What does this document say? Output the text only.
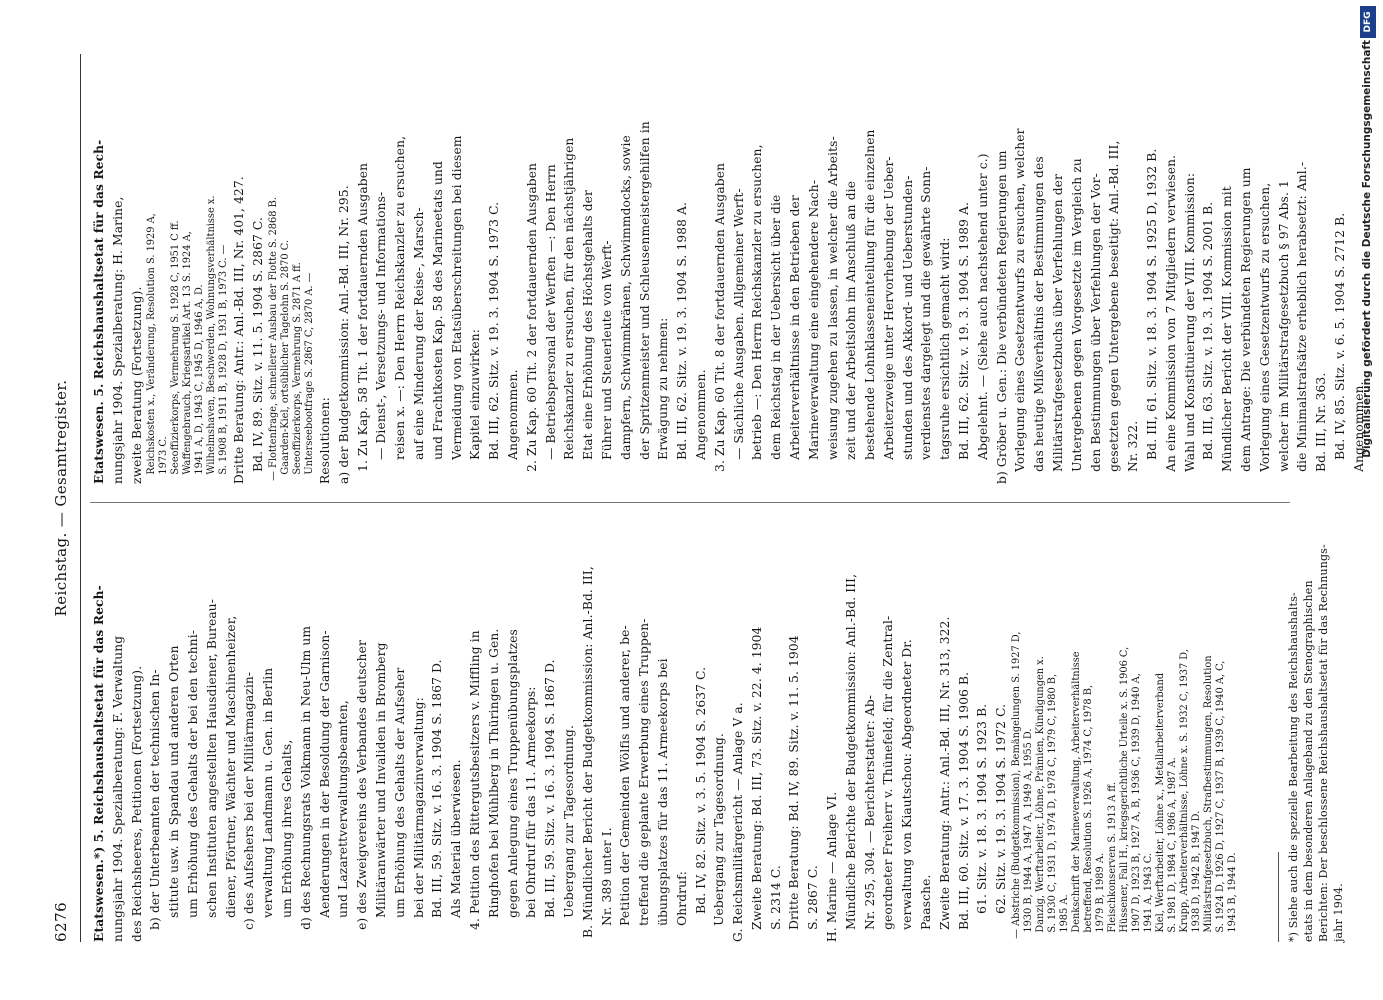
6276
Reichstag. — Gesamtregister.

Etatswesen.*) 5. Reichshaushaltsetat für das Rech- nungsjahr 1904. Spezialberatung: F. Verwaltung des Reichsheeres, Petitionen (Fortsetzung). b) der Unterbeamten der technischen In- stitute usw. in Spandau und anderen Orten um Erhöhung des Gehalts der bei den techni- schen Instituten angestellten Hausdiener, Bureau- diener, Pförtner, Wächter und Maschinenheizer, c) des Aufsehers bei der Militärmagazin- verwaltung Landmann u. Gen. in Berlin um Erhöhung ihres Gehalts, d) des Rechnungsrats Volkmann in Neu-Ulm um Aenderungen in der Besoldung der Garnison- und Lazarettverwaltungsbeamten, e) des Zweigvereins des Verbandes deutscher Militäranwärter und Invaliden in Bromberg um Erhöhung des Gehalts der Aufseher bei der Militärmagazinverwaltung: Bd. III, 59. Sitz. v. 16. 3. 1904 S. 1867 D. Als Material überwiesen. 4. Petition des Rittergutsbesitzers v. Miffling in Ringhofen bei Mühlberg in Thüringen u. Gen. gegen Anlegung eines Truppenübungsplatzes bei Ohrdruf für das 11. Armeekorps: Bd. III, 59. Sitz. v. 16. 3. 1904 S. 1867 D. Uebergang zur Tagesordnung. B. Mündlicher Bericht der Budgetkommission: Anl.-Bd. III, Nr. 389 unter I. Petition der Gemeinden Wölfis und anderer, be- treffend die geplante Erwerbung eines Truppen- übungsplatzes für das 11. Armeekorps bei Ohrdruf: Bd. IV, 82. Sitz. v. 3. 5. 1904 S. 2637 C. Uebergang zur Tagesordnung. G. Reichsmilitärgericht — Anlage V a. Zweite Beratung: Bd. III, 73. Sitz. v. 22. 4. 1904 S. 2314 C. Dritte Beratung: Bd. IV, 89. Sitz. v. 11. 5. 1904 S. 2867 C. H. Marine — Anlage VI. Mündliche Berichte der Budgetkommission: Anl.-Bd. III, Nr. 295, 304. — Berichterstatter: Ab- geordneter Freiherr v. Thünefeld; für die Zentral- verwaltung von Kiautschou: Abgeordneter Dr. Paasche. Zweite Beratung: Antr.: Anl.-Bd. III, Nr. 313, 322. Bd. III, 60. Sitz. v. 17. 3. 1904 S. 1906 B. 61. Sitz. v. 18. 3. 1904 S. 1923 B. 62. Sitz. v. 19. 3. 1904 S. 1972 C. — Abstriche (Budgetkommission), Bemängelungen S. 1927 D, 1930 B, 1944 A, 1947 A, 1949 A, 1955 D. Danzig, Werftarbeiter, Löhne, Prämien, Kündigungen x. S. 1930 C, 1931 D, 1974 D, 1978 C, 1979 C, 1980 B, 1985 A. Denkschrift der Marineverwaltung, Arbeiterverhältnisse betreffend, Resolution S. 1926 A, 1974 C, 1978 B, 1979 B, 1989 A. Fleischkonserven S. 1913 A ff. Hüssener, Fall H., kriegsgerichtliche Urteile x. S. 1906 C, 1907 D, 1923 B, 1927 A, B, 1936 C, 1939 D, 1940 A, 1941 A, 1943 C. Kiel, Werftarbeiter, Löhne x., Metallarbeiterverband S. 1981 D, 1984 C, 1986 A, 1987 A. Krupp, Arbeiterverhältnisse, Löhne x. S. 1932 C, 1937 D, 1938 D, 1942 B, 1947 D. Militärstrafgesetzbuch, Strafbestimmungen, Resolution S. 1924 D, 1926 D, 1927 C, 1937 B, 1939 C, 1940 A, C, 1943 B, 1944 D.

Etatswesen. 5. Reichshaushaltsetat für das Rech- nungsjahr 1904. Spezialberatung: H. Marine, zweite Beratung (Fortsetzung). Reichskosten x., Veränderung, Resolution S. 1929 A, 1973 C. Seeoffizierkorps, Vermehrung S. 1928 C, 1951 C ff. Waffengebrauch, Kriegsartikel Art. 13 S. 1924 A, 1941 A, D, 1943 C, 1945 D, 1946 A, D. Wilhelmshaven, Beschwerden, Wohnungsverhältnisse x. S. 1908 B, 1911 B, 1928 D, 1931 B, 1973 C. — Dritte Beratung: Antr.: Anl.-Bd. III, Nr. 401, 427. Bd. IV, 89. Sitz. v. 11. 5. 1904 S. 2867 C. — Flottenfrage, schnellerer Ausbau der Flotte S. 2868 B. Gaarden-Kiel, ortsüblicher Tagelohn S. 2870 C. Seeoffizierkorps, Vermehrung S. 2871 A ff. Unterseebootfrage S. 2867 C, 2870 A. — Resolutionen: a) der Budgetkommission: Anl.-Bd. III, Nr. 295. 1. Zu Kap. 58 Tit. 1 der fortdauernden Ausgaben — Dienst-, Versetzungs- und Informations- reisen x. —: Den Herrn Reichskanzler zu ersuchen, auf eine Minderung der Reise-, Marsch- und Frachtkosten Kap. 58 des Marineetats und Vermeidung von Etatsüberschreitungen bei diesem Kapitel einzuwirken: Bd. III, 62. Sitz. v. 19. 3. 1904 S. 1973 C. Angenommen. 2. Zu Kap. 60 Tit. 2 der fortdauernden Ausgaben — Betriebspersonal der Werften —: Den Herrn Reichskanzler zu ersuchen, für den nächstjährigen Etat eine Erhöhung des Höchstgehalts der Führer und Steuerleute von Werft- dampfern, Schwimmkränen, Schwimmdocks, sowie der Spritzenmeister und Schleusenmeistergehilfen in Erwägung zu nehmen: Bd. III, 62. Sitz. v. 19. 3. 1904 S. 1988 A. Angenommen. 3. Zu Kap. 60 Tit. 8 der fortdauernden Ausgaben — Sächliche Ausgaben. Allgemeiner Werft- betrieb —: Den Herrn Reichskanzler zu ersuchen, dem Reichstag in der Uebersicht über die Arbeiterverhältnisse in den Betrieben der Marineverwaltung eine eingehendere Nach- weisung zugehen zu lassen, in welcher die Arbeits- zeit und der Arbeitslohn im Anschluß an die bestehende Lohnklasseneinteilung für die einzelnen Arbeiterzweige unter Hervorhebung der Ueber- stunden und des Akkord- und Ueberstunden- verdienstes dargelegt und die gewährte Sonn- tagsruhe ersichtlich gemacht wird: Bd. III, 62. Sitz. v. 19. 3. 1904 S. 1989 A. Abgelehnt. — (Siehe auch nachstehend unter c.) b) Gröber u. Gen.: Die verbündeten Regierungen um Vorlegung eines Gesetzentwurfs zu ersuchen, welcher das heutige Mißverhältnis der Bestimmungen des Militärstrafgesetzbuchs über Verfehlungen der Untergebenen gegen Vorgesetzte im Vergleich zu den Bestimmungen über Verfehlungen der Vor- gesetzten gegen Untergebene beseitigt: Anl.-Bd. III, Nr. 322. Bd. III, 61. Sitz. v. 18. 3. 1904 S. 1925 D, 1932 B. An eine Kommission von 7 Mitgliedern verwiesen. Wahl und Konstituierung der VIII. Kommission: Bd. III, 63. Sitz. v. 19. 3. 1904 S. 2001 B. Mündlicher Bericht der VIII. Kommission mit dem Antrage: Die verbündeten Regierungen um Vorlegung eines Gesetzentwurfs zu ersuchen, welcher im Militärstrafgesetzbuch § 97 Abs. 1 die Minimalstrafsätze erheblich herabsetzt: Anl.- Bd. III, Nr. 363. Bd. IV, 85. Sitz. v. 6. 5. 1904 S. 2712 B. Angenommen.

*) Siehe auch die spezielle Bearbeitung des Reichshaushalts- etats in dem besonderen Anlageband zu den Stenographischen Berichten: Der beschlossene Reichshaushaltsetat für das Rechnungs- jahr 1904.

Digitalisierung gefördert durch die Deutsche Forschungsgemeinschaft
DFG
